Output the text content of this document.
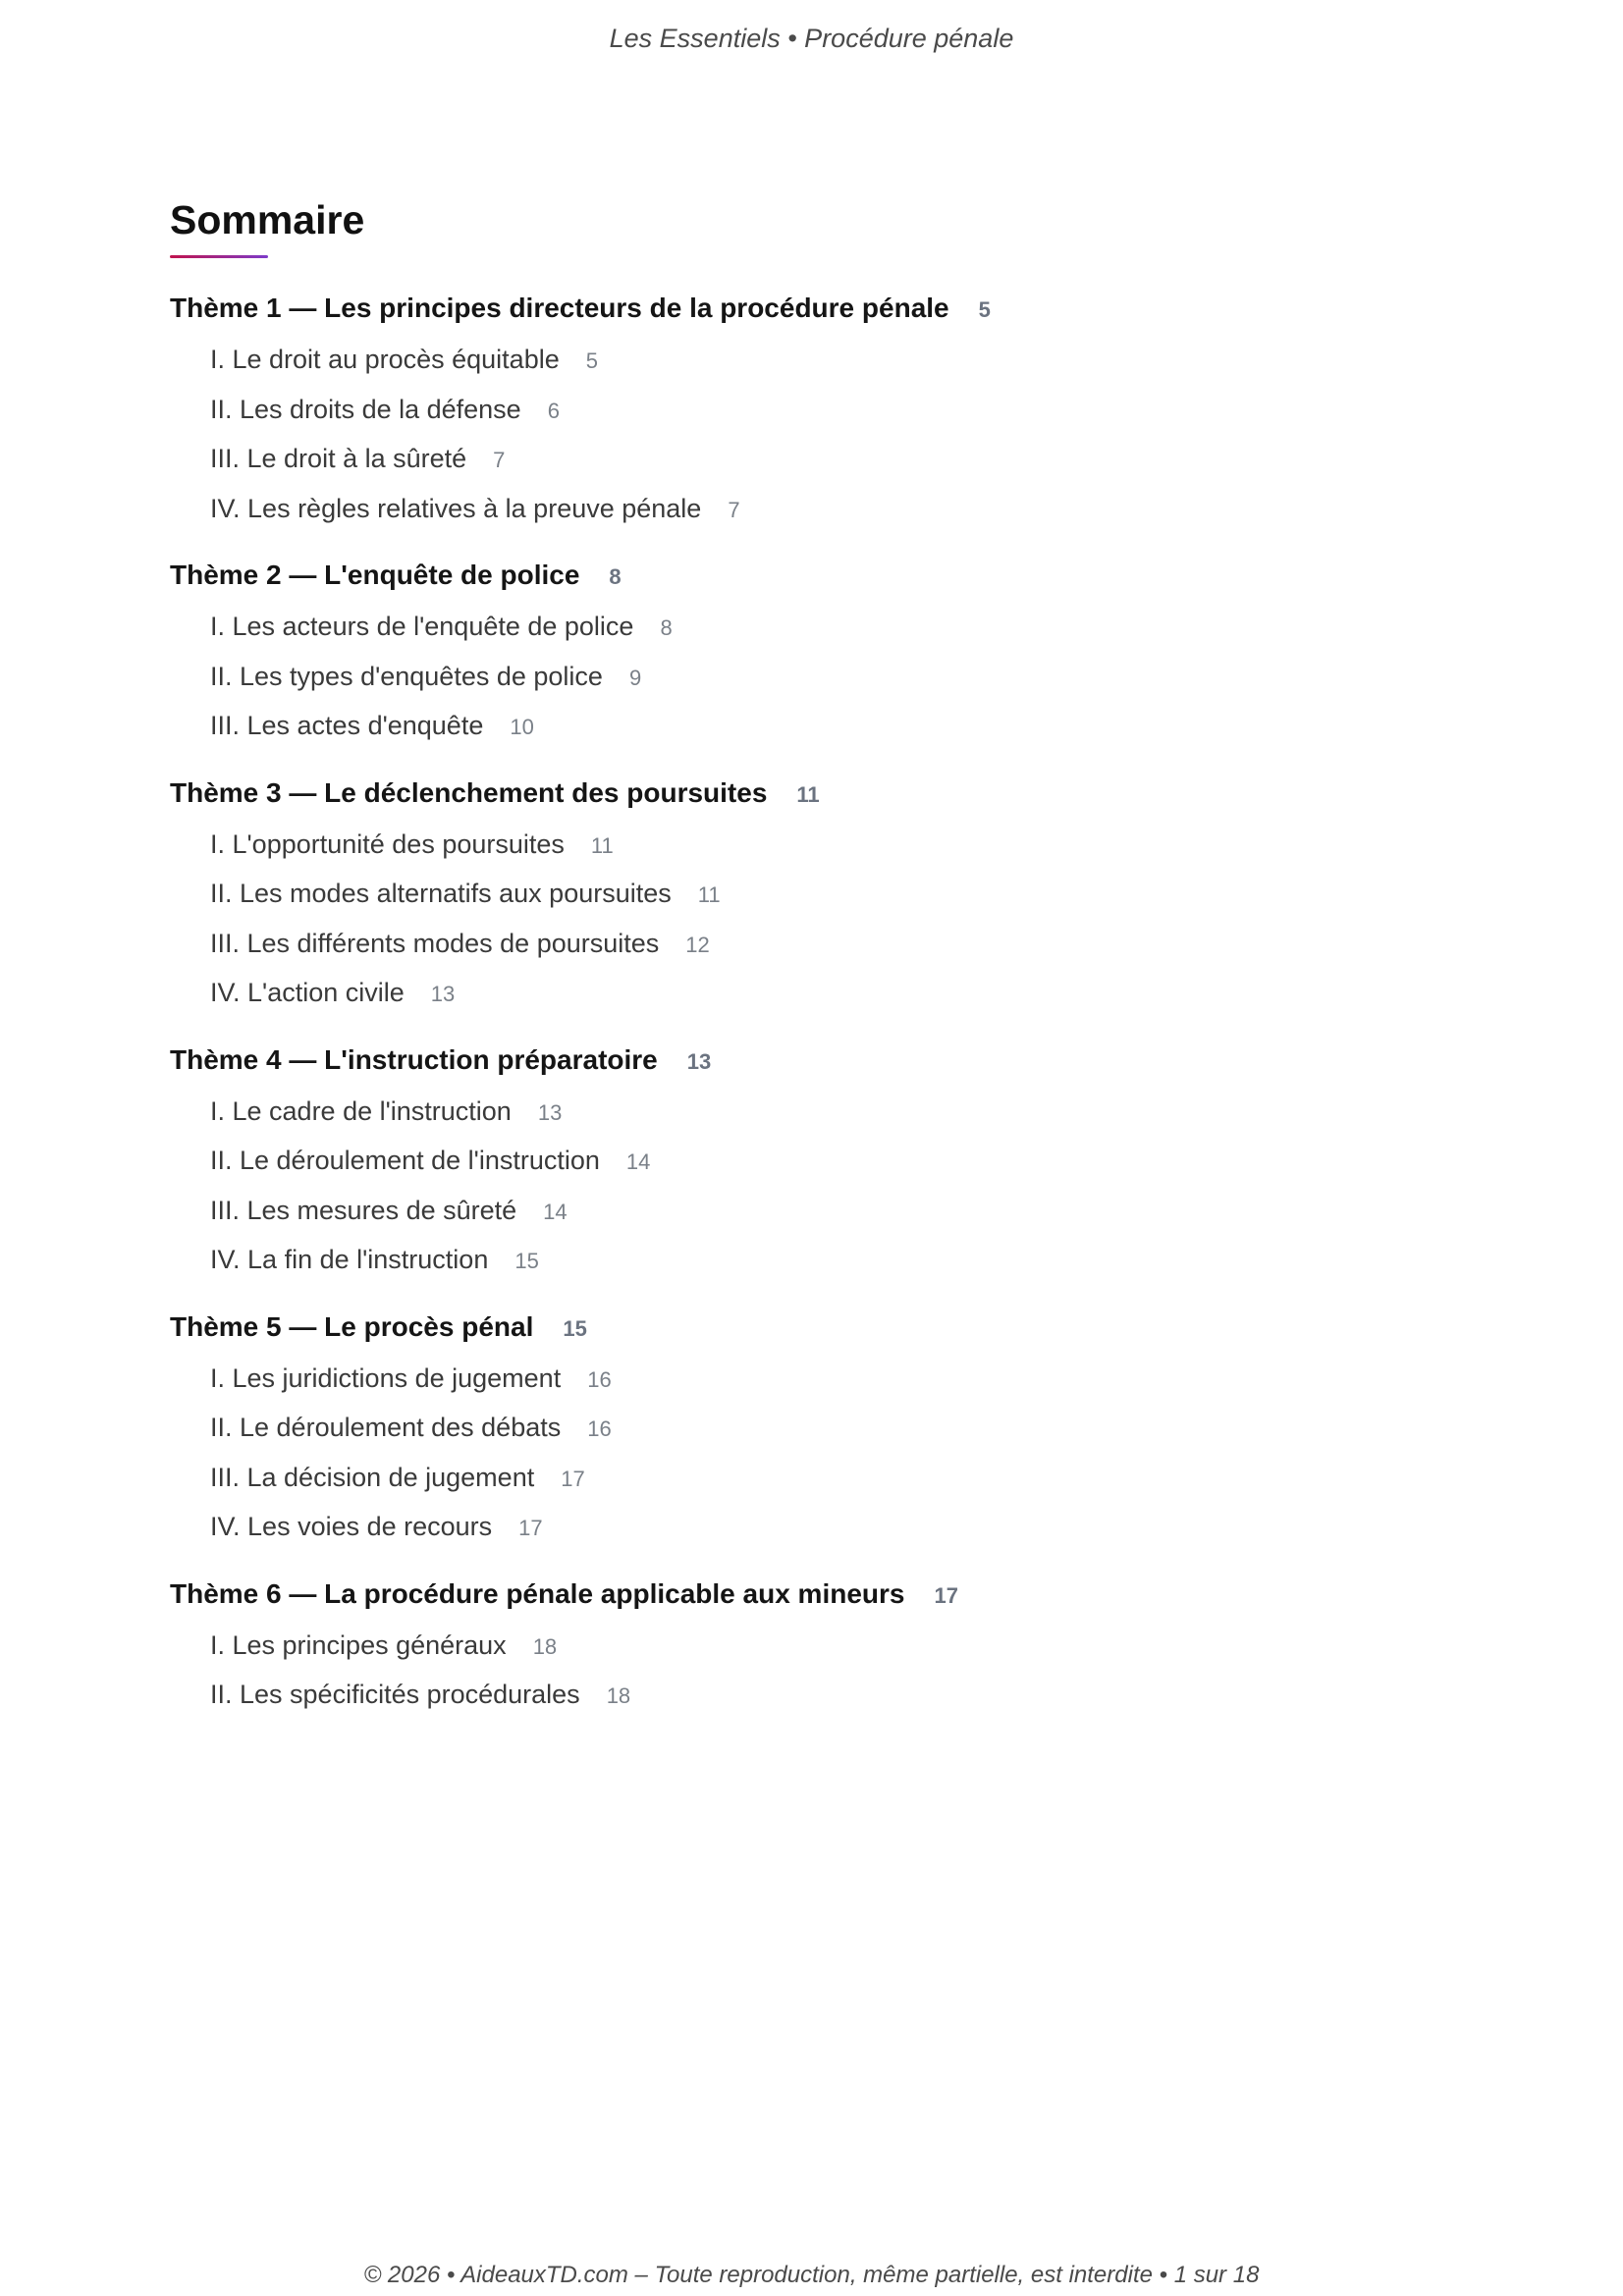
Les Essentiels • Procédure pénale
Sommaire
Thème 1 — Les principes directeurs de la procédure pénale 5
I. Le droit au procès équitable 5
II. Les droits de la défense 6
III. Le droit à la sûreté 7
IV. Les règles relatives à la preuve pénale 7
Thème 2 — L'enquête de police 8
I. Les acteurs de l'enquête de police 8
II. Les types d'enquêtes de police 9
III. Les actes d'enquête 10
Thème 3 — Le déclenchement des poursuites 11
I. L'opportunité des poursuites 11
II. Les modes alternatifs aux poursuites 11
III. Les différents modes de poursuites 12
IV. L'action civile 13
Thème 4 — L'instruction préparatoire 13
I. Le cadre de l'instruction 13
II. Le déroulement de l'instruction 14
III. Les mesures de sûreté 14
IV. La fin de l'instruction 15
Thème 5 — Le procès pénal 15
I. Les juridictions de jugement 16
II. Le déroulement des débats 16
III. La décision de jugement 17
IV. Les voies de recours 17
Thème 6 — La procédure pénale applicable aux mineurs 17
I. Les principes généraux 18
II. Les spécificités procédurales 18
© 2026 • AideauxTD.com – Toute reproduction, même partielle, est interdite • 1 sur 18
